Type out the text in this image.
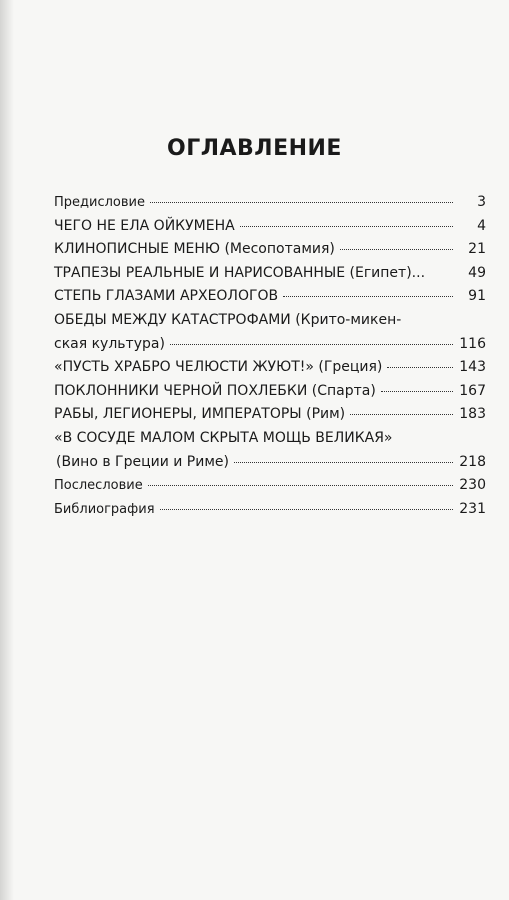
ОГЛАВЛЕНИЕ
Предисловие	3
ЧЕГО НЕ ЕЛА ОЙКУМЕНА	4
КЛИНОПИСНЫЕ МЕНЮ (Месопотамия)	21
ТРАПЕЗЫ РЕАЛЬНЫЕ И НАРИСОВАННЫЕ (Египет)...	49
СТЕПЬ ГЛАЗАМИ АРХЕОЛОГОВ	91
ОБЕДЫ МЕЖДУ КАТАСТРОФАМИ (Крито-микен-
ская культура)	116
«ПУСТЬ ХРАБРО ЧЕЛЮСТИ ЖУЮТ!» (Греция)	143
ПОКЛОННИКИ ЧЕРНОЙ ПОХЛЕБКИ (Спарта)	167
РАБЫ, ЛЕГИОНЕРЫ, ИМПЕРАТОРЫ (Рим)	183
«В СОСУДЕ МАЛОМ СКРЫТА МОЩЬ ВЕЛИКАЯ»
(Вино в Греции и Риме)	218
Послесловие	230
Библиография	231
